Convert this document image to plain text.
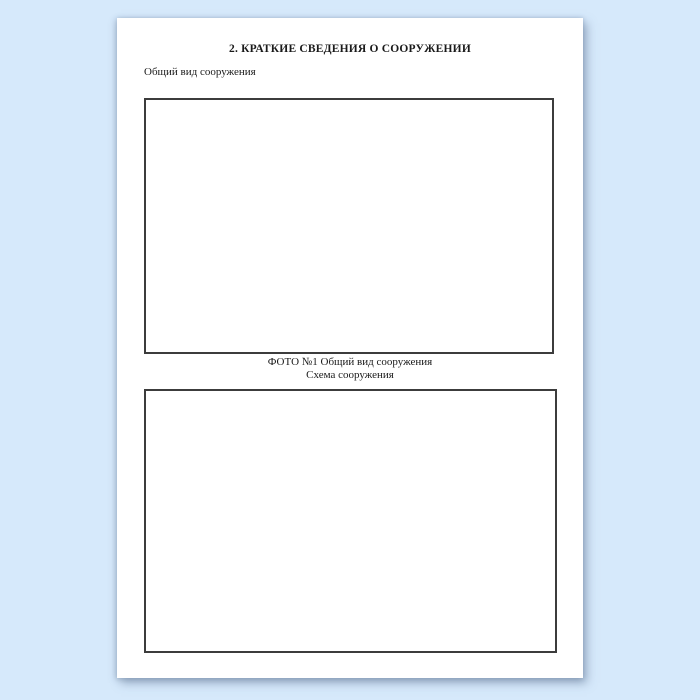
2. КРАТКИЕ СВЕДЕНИЯ О СООРУЖЕНИИ
Общий вид сооружения
ФОТО №1 Общий вид сооружения
Схема сооружения
